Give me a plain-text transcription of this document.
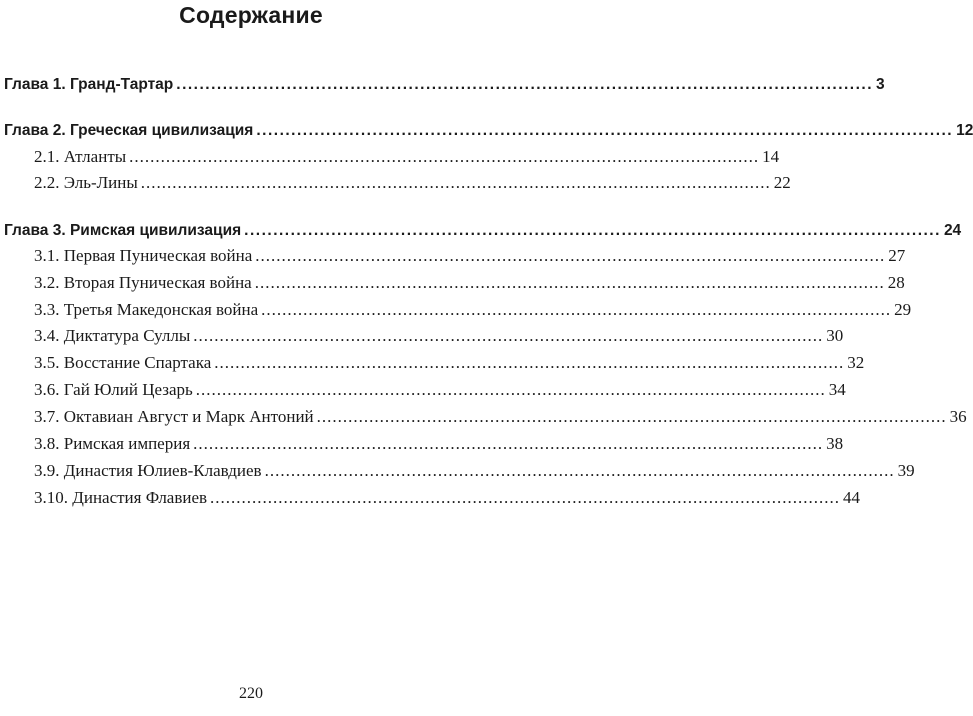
Содержание
Глава 1. Гранд-Тартар ........................................................................................................................ 3
Глава 2. Греческая цивилизация ........................................................................................................................ 12
2.1. Атланты ........................................................................................................................ 14
2.2. Эль-Лины ........................................................................................................................ 22
Глава 3. Римская цивилизация ........................................................................................................................ 24
3.1. Первая Пуническая война ........................................................................................................................ 27
3.2. Вторая Пуническая война ........................................................................................................................ 28
3.3. Третья Македонская война ........................................................................................................................ 29
3.4. Диктатура Суллы ........................................................................................................................ 30
3.5. Восстание Спартака ........................................................................................................................ 32
3.6. Гай Юлий Цезарь ........................................................................................................................ 34
3.7. Октавиан Август и Марк Антоний ........................................................................................................................ 36
3.8. Римская империя ........................................................................................................................ 38
3.9. Династия Юлиев-Клавдиев ........................................................................................................................ 39
3.10. Династия Флавиев ........................................................................................................................ 44
220
